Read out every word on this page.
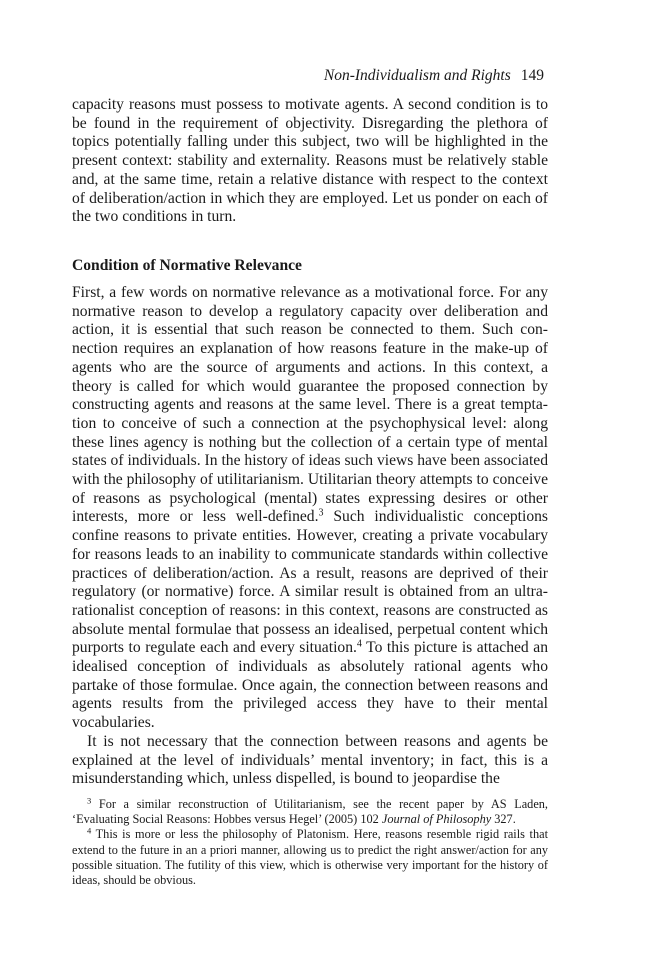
Non-Individualism and Rights 149

capacity reasons must possess to motivate agents. A second condition is to be found in the requirement of objectivity. Disregarding the plethora of topics potentially falling under this subject, two will be highlighted in the present context: stability and externality. Reasons must be relatively stable and, at the same time, retain a relative distance with respect to the context of deliberation/action in which they are employed. Let us ponder on each of the two conditions in turn.

Condition of Normative Relevance

First, a few words on normative relevance as a motivational force. For any normative reason to develop a regulatory capacity over deliberation and action, it is essential that such reason be connected to them. Such connection requires an explanation of how reasons feature in the make-up of agents who are the source of arguments and actions. In this context, a theory is called for which would guarantee the proposed connection by constructing agents and reasons at the same level. There is a great temptation to conceive of such a connection at the psychophysical level: along these lines agency is nothing but the collection of a certain type of mental states of individuals. In the history of ideas such views have been associated with the philosophy of utilitarianism. Utilitarian theory attempts to conceive of reasons as psychological (mental) states expressing desires or other interests, more or less well-defined.$^3$ Such individualistic conceptions confine reasons to private entities. However, creating a private vocabulary for reasons leads to an inability to communicate standards within collective practices of deliberation/action. As a result, reasons are deprived of their regulatory (or normative) force. A similar result is obtained from an ultrarationalist conception of reasons: in this context, reasons are constructed as absolute mental formulae that possess an idealised, perpetual content which purports to regulate each and every situation.$^4$ To this picture is attached an idealised conception of individuals as absolutely rational agents who partake of those formulae. Once again, the connection between reasons and agents results from the privileged access they have to their mental vocabularies.

It is not necessary that the connection between reasons and agents be explained at the level of individuals’ mental inventory; in fact, this is a misunderstanding which, unless dispelled, is bound to jeopardise the

$^3$ For a similar reconstruction of Utilitarianism, see the recent paper by AS Laden, ‘Evaluating Social Reasons: Hobbes versus Hegel’ (2005) 102 Journal of Philosophy 327.

$^4$ This is more or less the philosophy of Platonism. Here, reasons resemble rigid rails that extend to the future in an a priori manner, allowing us to predict the right answer/action for any possible situation. The futility of this view, which is otherwise very important for the history of ideas, should be obvious.
